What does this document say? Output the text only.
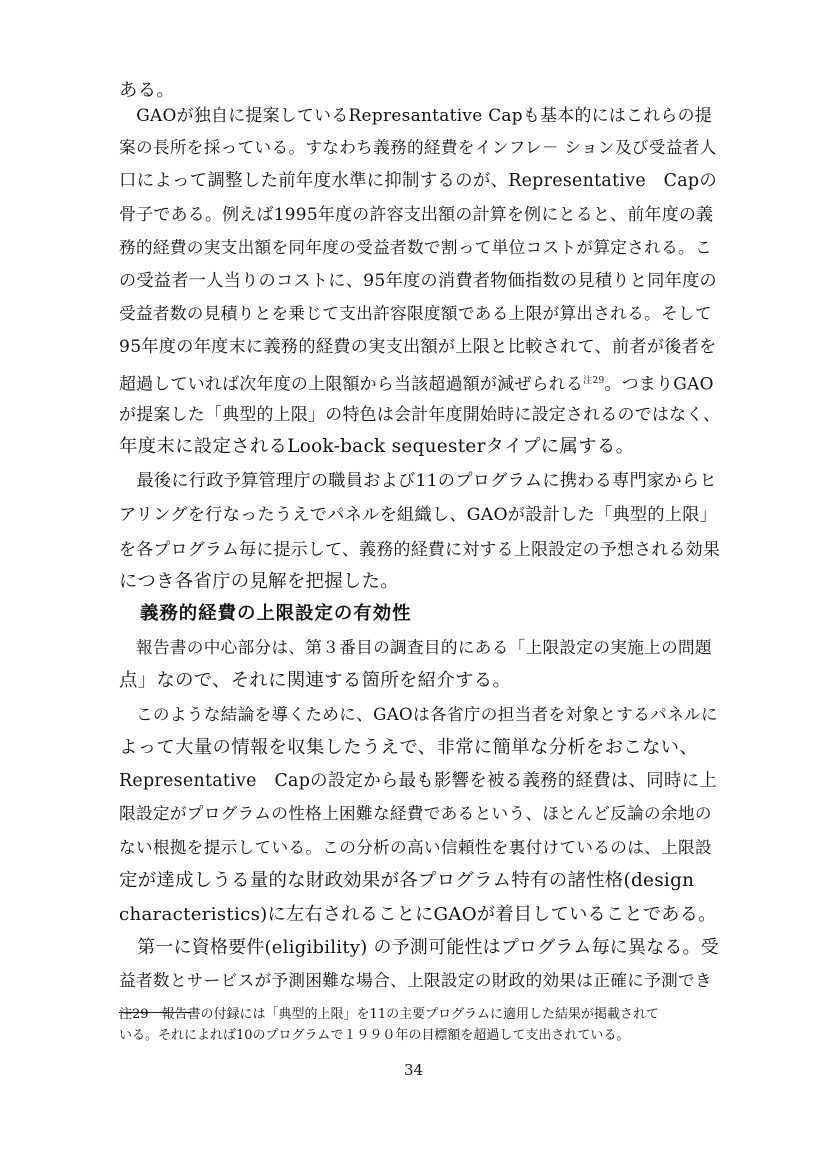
ある。
　GAOが独自に提案しているRepresantative Capも基本的にはこれらの提
案の長所を採っている。すなわち義務的経費をインフレ－ ション及び受益者人
口によって調整した前年度水準に抑制するのが、Representative　Capの
骨子である。例えば1995年度の許容支出額の計算を例にとると、前年度の義
務的経費の実支出額を同年度の受益者数で割って単位コストが算定される。こ
の受益者一人当りのコストに、95年度の消費者物価指数の見積りと同年度の
受益者数の見積りとを乗じて支出許容限度額である上限が算出される。そして
95年度の年度末に義務的経費の実支出額が上限と比較されて、前者が後者を
超過していれば次年度の上限額から当該超過額が減ぜられる$^{注29}$。つまりGAO
が提案した「典型的上限」の特色は会計年度開始時に設定されるのではなく、
年度末に設定されるLook-back sequesterタイプに属する。
　最後に行政予算管理庁の職員および11のプログラムに携わる専門家からヒ
アリングを行なったうえでパネルを組織し、GAOが設計した「典型的上限」
を各プログラム毎に提示して、義務的経費に対する上限設定の予想される効果
につき各省庁の見解を把握した。
義務的経費の上限設定の有効性
　報告書の中心部分は、第３番目の調査目的にある「上限設定の実施上の問題
点」なので、それに関連する箇所を紹介する。
　このような結論を導くために、GAOは各省庁の担当者を対象とするパネルに
よって大量の情報を収集したうえで、非常に簡単な分析をおこない、
Representative　Capの設定から最も影響を被る義務的経費は、同時に上
限設定がプログラムの性格上困難な経費であるという、ほとんど反論の余地の
ない根拠を提示している。この分析の高い信頼性を裏付けているのは、上限設
定が達成しうる量的な財政効果が各プログラム特有の諸性格(design
characteristics)に左右されることにGAOが着目していることである。
　第一に資格要件(eligibility) の予測可能性はプログラム毎に異なる。受
益者数とサービスが予測困難な場合、上限設定の財政的効果は正確に予測でき
注29　報告書の付録には「典型的上限」を11の主要プログラムに適用した結果が掲載されて
いる。それによれば10のプログラムで１９９０年の目標額を超過して支出されている。
34
